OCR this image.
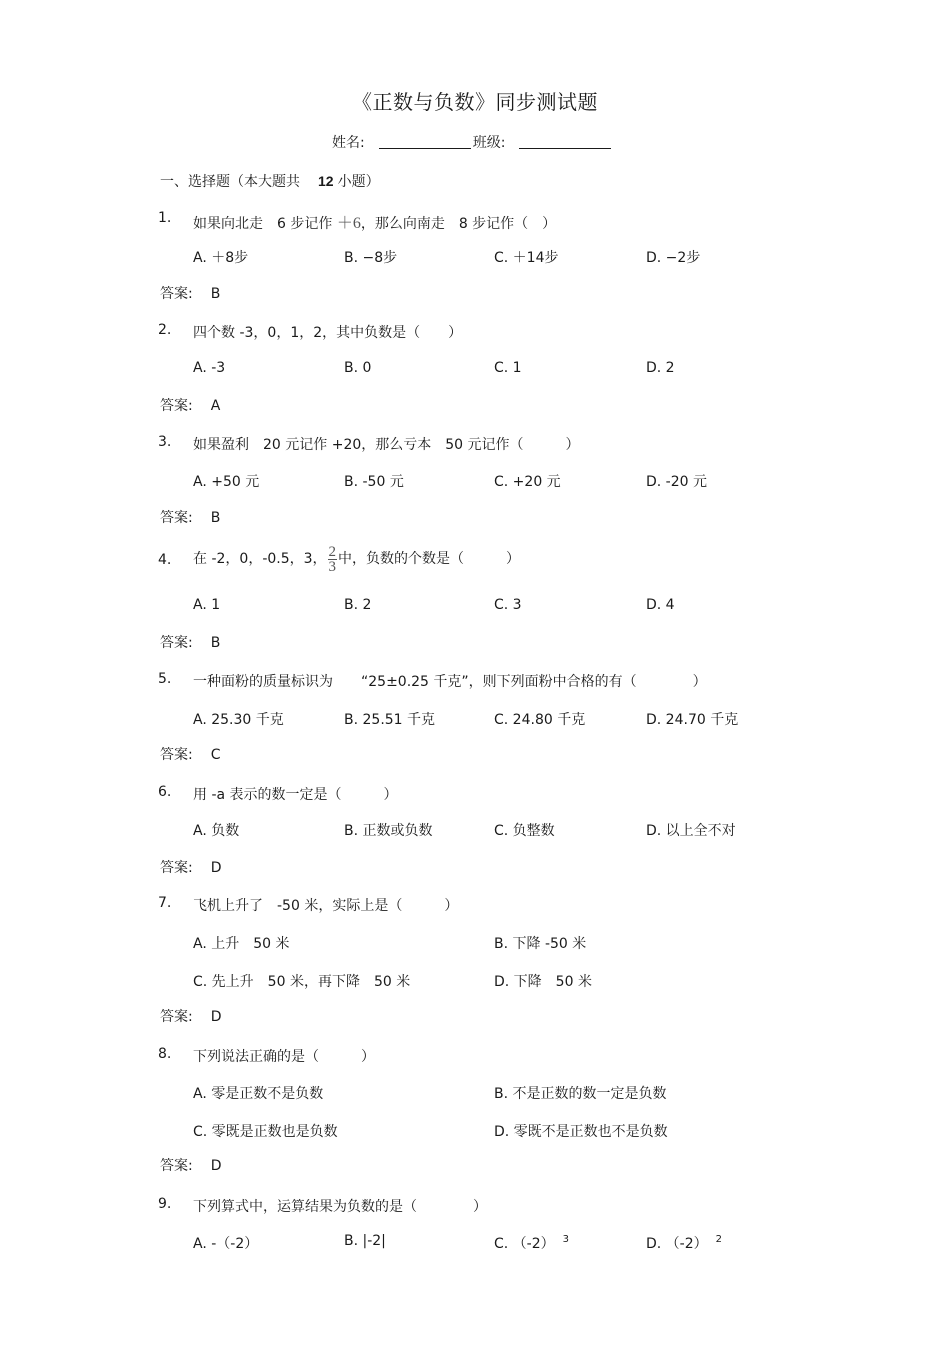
《正数与负数》同步测试题
姓名:	班级:
一、选择题（本大题共 12 小题）
1. 如果向北走　6 步记作 ＋6，那么向南走　8 步记作（　）
A. ＋8步	B. −8步	C. ＋14步	D. −2步
答案: B
2. 四个数 -3，0，1，2，其中负数是（　　）
A. -3	B. 0	C. 1	D. 2
答案: A
3. 如果盈利　20 元记作 +20，那么亏本　50 元记作（　　　）
A. +50 元	B. -50 元	C. +20 元	D. -20 元
答案: B
4. 在 -2，0，-0.5，3， $\frac{2}{3}$ 中，负数的个数是（　　　）
A. 1	B. 2	C. 3	D. 4
答案: B
5. 一种面粉的质量标识为　　“25±0.25 千克”，则下列面粉中合格的有（　　　　）
A. 25.30 千克	B. 25.51 千克	C. 24.80 千克	D. 24.70 千克
答案: C
6. 用 -a 表示的数一定是（　　　）
A. 负数	B. 正数或负数	C. 负整数	D. 以上全不对
答案: D
7. 飞机上升了　-50 米，实际上是（　　　）
A. 上升　50 米	B. 下降 -50 米
C. 先上升　50 米，再下降　50 米	D. 下降　50 米
答案: D
8. 下列说法正确的是（　　　）
A. 零是正数不是负数	B. 不是正数的数一定是负数
C. 零既是正数也是负数	D. 零既不是正数也不是负数
答案: D
9. 下列算式中，运算结果为负数的是（　　　　）
A. -（-2）	B. |-2|	C. （-2） $^3$	D. （-2） $^2$
